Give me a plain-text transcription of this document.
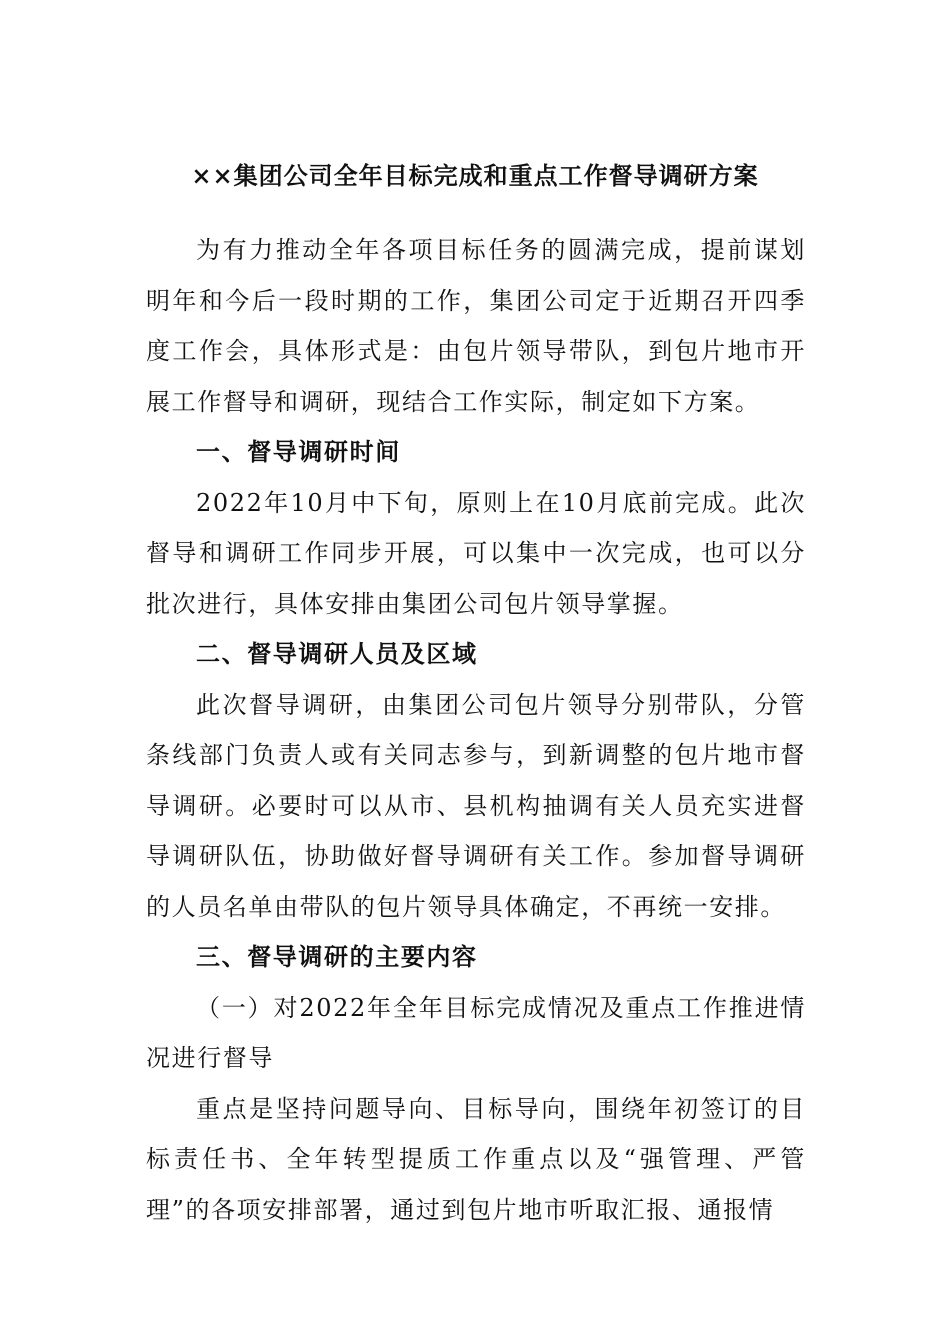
××集团公司全年目标完成和重点工作督导调研方案

为有力推动全年各项目标任务的圆满完成，提前谋划明年和今后一段时期的工作，集团公司定于近期召开四季度工作会，具体形式是：由包片领导带队，到包片地市开展工作督导和调研，现结合工作实际，制定如下方案。

一、督导调研时间

2022年10月中下旬，原则上在10月底前完成。此次督导和调研工作同步开展，可以集中一次完成，也可以分批次进行，具体安排由集团公司包片领导掌握。

二、督导调研人员及区域

此次督导调研，由集团公司包片领导分别带队，分管条线部门负责人或有关同志参与，到新调整的包片地市督导调研。必要时可以从市、县机构抽调有关人员充实进督导调研队伍，协助做好督导调研有关工作。参加督导调研的人员名单由带队的包片领导具体确定，不再统一安排。

三、督导调研的主要内容

（一）对2022年全年目标完成情况及重点工作推进情况进行督导

重点是坚持问题导向、目标导向，围绕年初签订的目标责任书、全年转型提质工作重点以及“强管理、严管理”的各项安排部署，通过到包片地市听取汇报、通报情
